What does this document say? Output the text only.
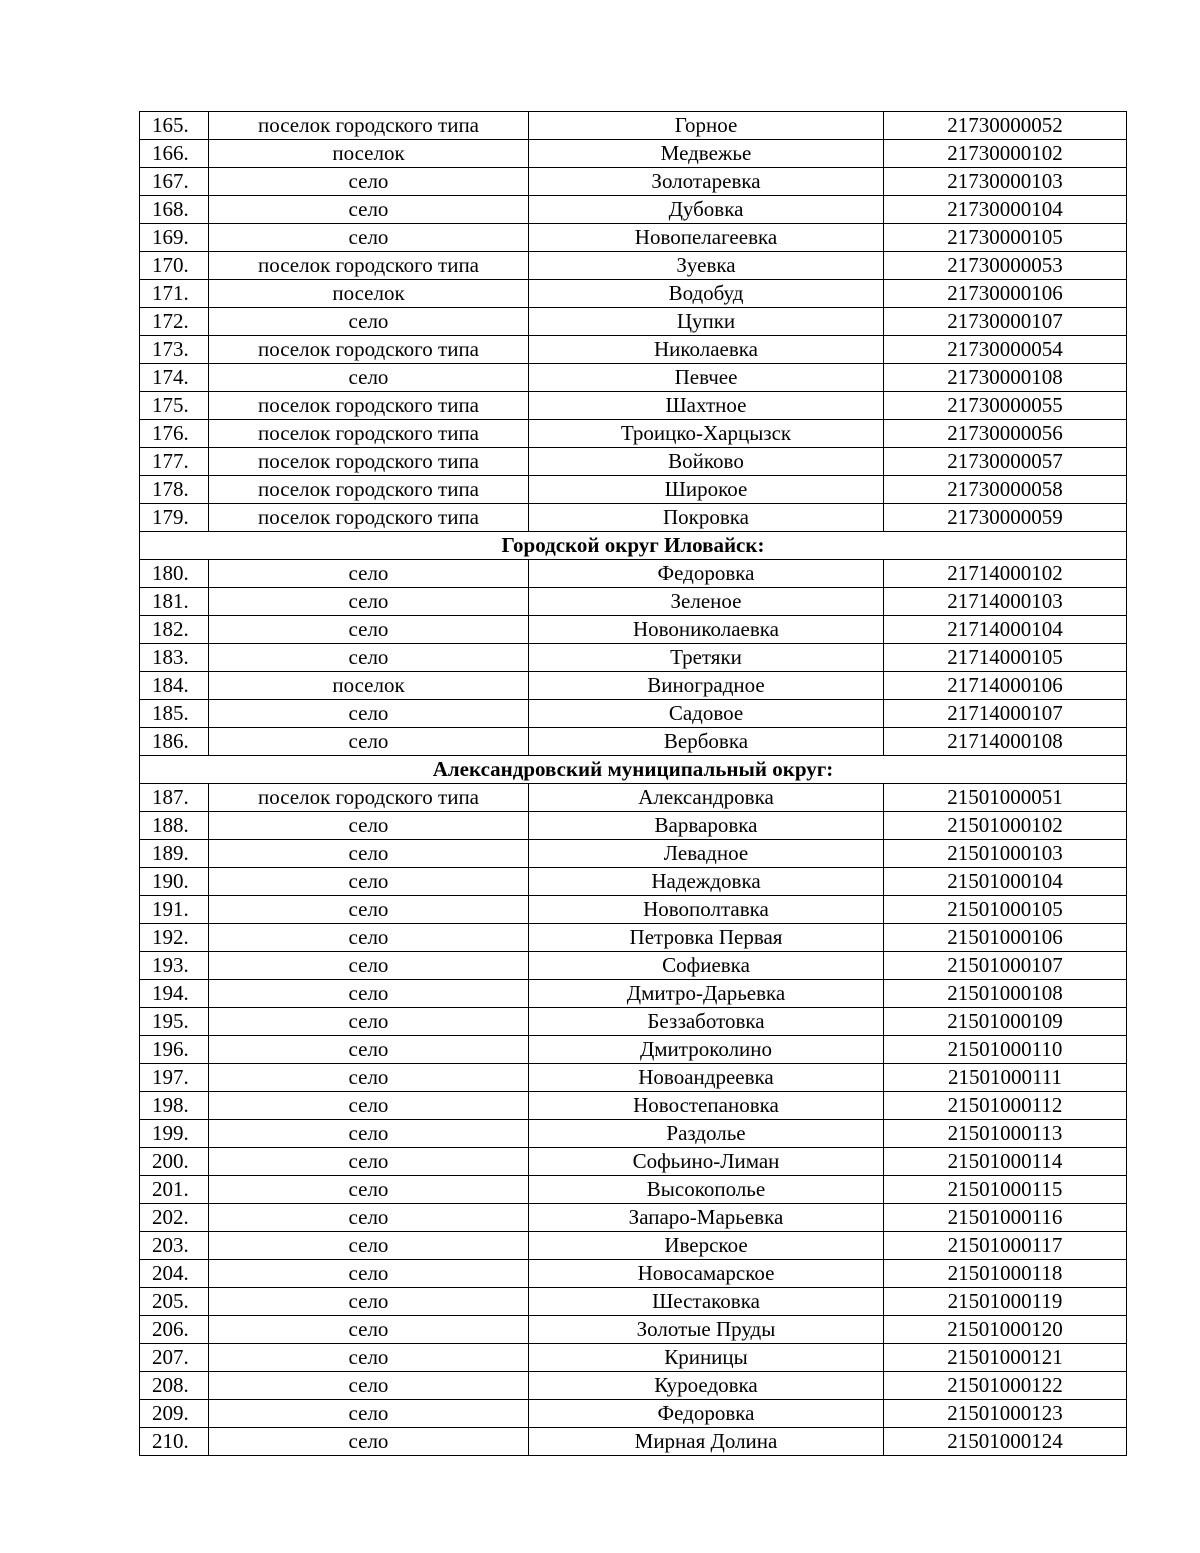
165.	поселок городского типа	Горное	21730000052
166.	поселок	Медвежье	21730000102
167.	село	Золотаревка	21730000103
168.	село	Дубовка	21730000104
169.	село	Новопелагеевка	21730000105
170.	поселок городского типа	Зуевка	21730000053
171.	поселок	Водобуд	21730000106
172.	село	Цупки	21730000107
173.	поселок городского типа	Николаевка	21730000054
174.	село	Певчее	21730000108
175.	поселок городского типа	Шахтное	21730000055
176.	поселок городского типа	Троицко-Харцызск	21730000056
177.	поселок городского типа	Войково	21730000057
178.	поселок городского типа	Широкое	21730000058
179.	поселок городского типа	Покровка	21730000059
Городской округ Иловайск:			
180.	село	Федоровка	21714000102
181.	село	Зеленое	21714000103
182.	село	Новониколаевка	21714000104
183.	село	Третяки	21714000105
184.	поселок	Виноградное	21714000106
185.	село	Садовое	21714000107
186.	село	Вербовка	21714000108
Александровский муниципальный округ:			
187.	поселок городского типа	Александровка	21501000051
188.	село	Варваровка	21501000102
189.	село	Левадное	21501000103
190.	село	Надеждовка	21501000104
191.	село	Новополтавка	21501000105
192.	село	Петровка Первая	21501000106
193.	село	Софиевка	21501000107
194.	село	Дмитро-Дарьевка	21501000108
195.	село	Беззаботовка	21501000109
196.	село	Дмитроколино	21501000110
197.	село	Новоандреевка	21501000111
198.	село	Новостепановка	21501000112
199.	село	Раздолье	21501000113
200.	село	Софьино-Лиман	21501000114
201.	село	Высокополье	21501000115
202.	село	Запаро-Марьевка	21501000116
203.	село	Иверское	21501000117
204.	село	Новосамарское	21501000118
205.	село	Шестаковка	21501000119
206.	село	Золотые Пруды	21501000120
207.	село	Криницы	21501000121
208.	село	Куроедовка	21501000122
209.	село	Федоровка	21501000123
210.	село	Мирная Долина	21501000124
